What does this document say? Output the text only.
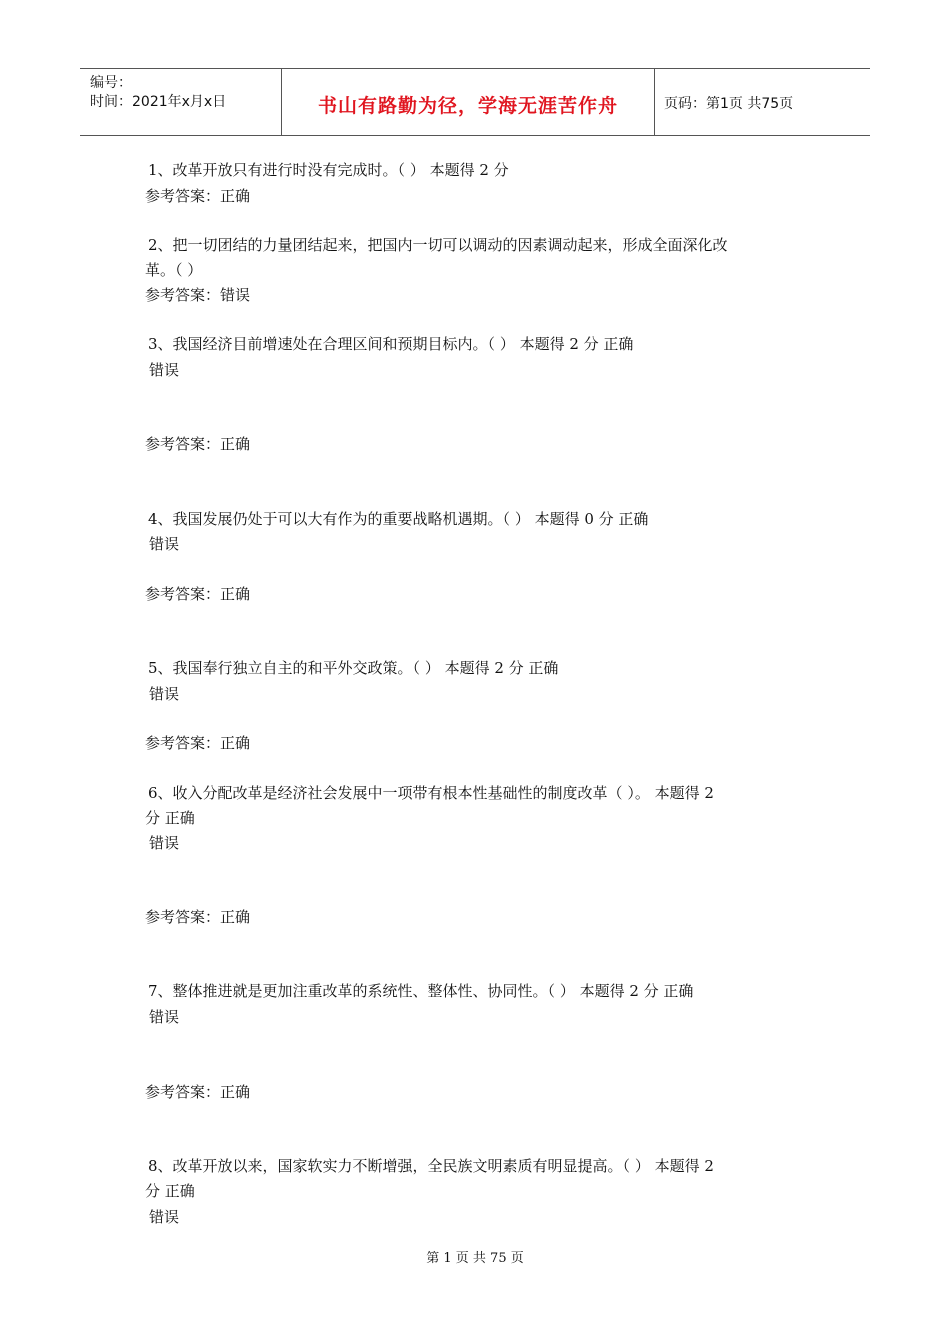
编号：
时间：2021年x月x日	书山有路勤为径，学海无涯苦作舟	页码：第1页 共75页
1、改革开放只有进行时没有完成时。（ ） 本题得 2 分
参考答案：正确
2、把一切团结的力量团结起来，把国内一切可以调动的因素调动起来，形成全面深化改
革。（ ）
参考答案：错误
3、我国经济目前增速处在合理区间和预期目标内。（ ） 本题得 2 分 正确
错误
参考答案：正确
4、我国发展仍处于可以大有作为的重要战略机遇期。（ ） 本题得 0 分 正确
错误
参考答案：正确
5、我国奉行独立自主的和平外交政策。（ ） 本题得 2 分 正确
错误
参考答案：正确
6、收入分配改革是经济社会发展中一项带有根本性基础性的制度改革（ ）。 本题得 2
分 正确
错误
参考答案：正确
7、整体推进就是更加注重改革的系统性、整体性、协同性。（ ） 本题得 2 分 正确
错误
参考答案：正确
8、改革开放以来，国家软实力不断增强，全民族文明素质有明显提高。（ ） 本题得 2
分 正确
错误
第 1 页 共 75 页
